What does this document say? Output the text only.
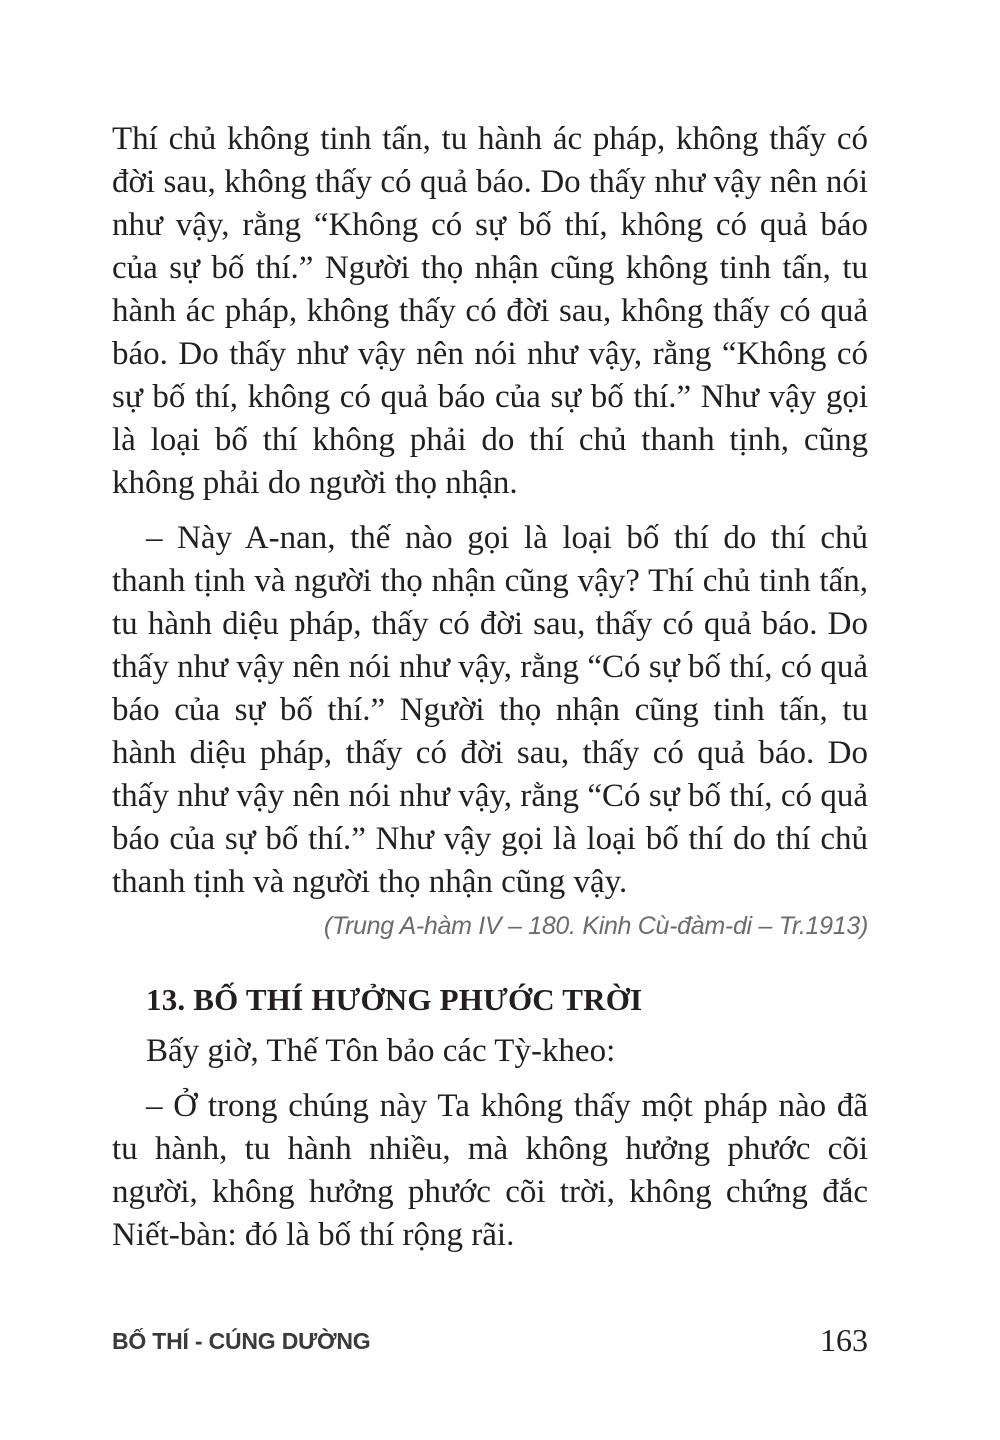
Thí chủ không tinh tấn, tu hành ác pháp, không thấy có đời sau, không thấy có quả báo. Do thấy như vậy nên nói như vậy, rằng “Không có sự bố thí, không có quả báo của sự bố thí.” Người thọ nhận cũng không tinh tấn, tu hành ác pháp, không thấy có đời sau, không thấy có quả báo. Do thấy như vậy nên nói như vậy, rằng “Không có sự bố thí, không có quả báo của sự bố thí.” Như vậy gọi là loại bố thí không phải do thí chủ thanh tịnh, cũng không phải do người thọ nhận.

– Này A-nan, thế nào gọi là loại bố thí do thí chủ thanh tịnh và người thọ nhận cũng vậy? Thí chủ tinh tấn, tu hành diệu pháp, thấy có đời sau, thấy có quả báo. Do thấy như vậy nên nói như vậy, rằng “Có sự bố thí, có quả báo của sự bố thí.” Người thọ nhận cũng tinh tấn, tu hành diệu pháp, thấy có đời sau, thấy có quả báo. Do thấy như vậy nên nói như vậy, rằng “Có sự bố thí, có quả báo của sự bố thí.” Như vậy gọi là loại bố thí do thí chủ thanh tịnh và người thọ nhận cũng vậy.

(Trung A-hàm IV – 180. Kinh Cù-đàm-di – Tr.1913)

13. BỐ THÍ HƯỞNG PHƯỚC TRỜI

Bấy giờ, Thế Tôn bảo các Tỳ-kheo:

– Ở trong chúng này Ta không thấy một pháp nào đã tu hành, tu hành nhiều, mà không hưởng phước cõi người, không hưởng phước cõi trời, không chứng đắc Niết-bàn: đó là bố thí rộng rãi.

BỐ THÍ - CÚNG DƯỜNG	163
